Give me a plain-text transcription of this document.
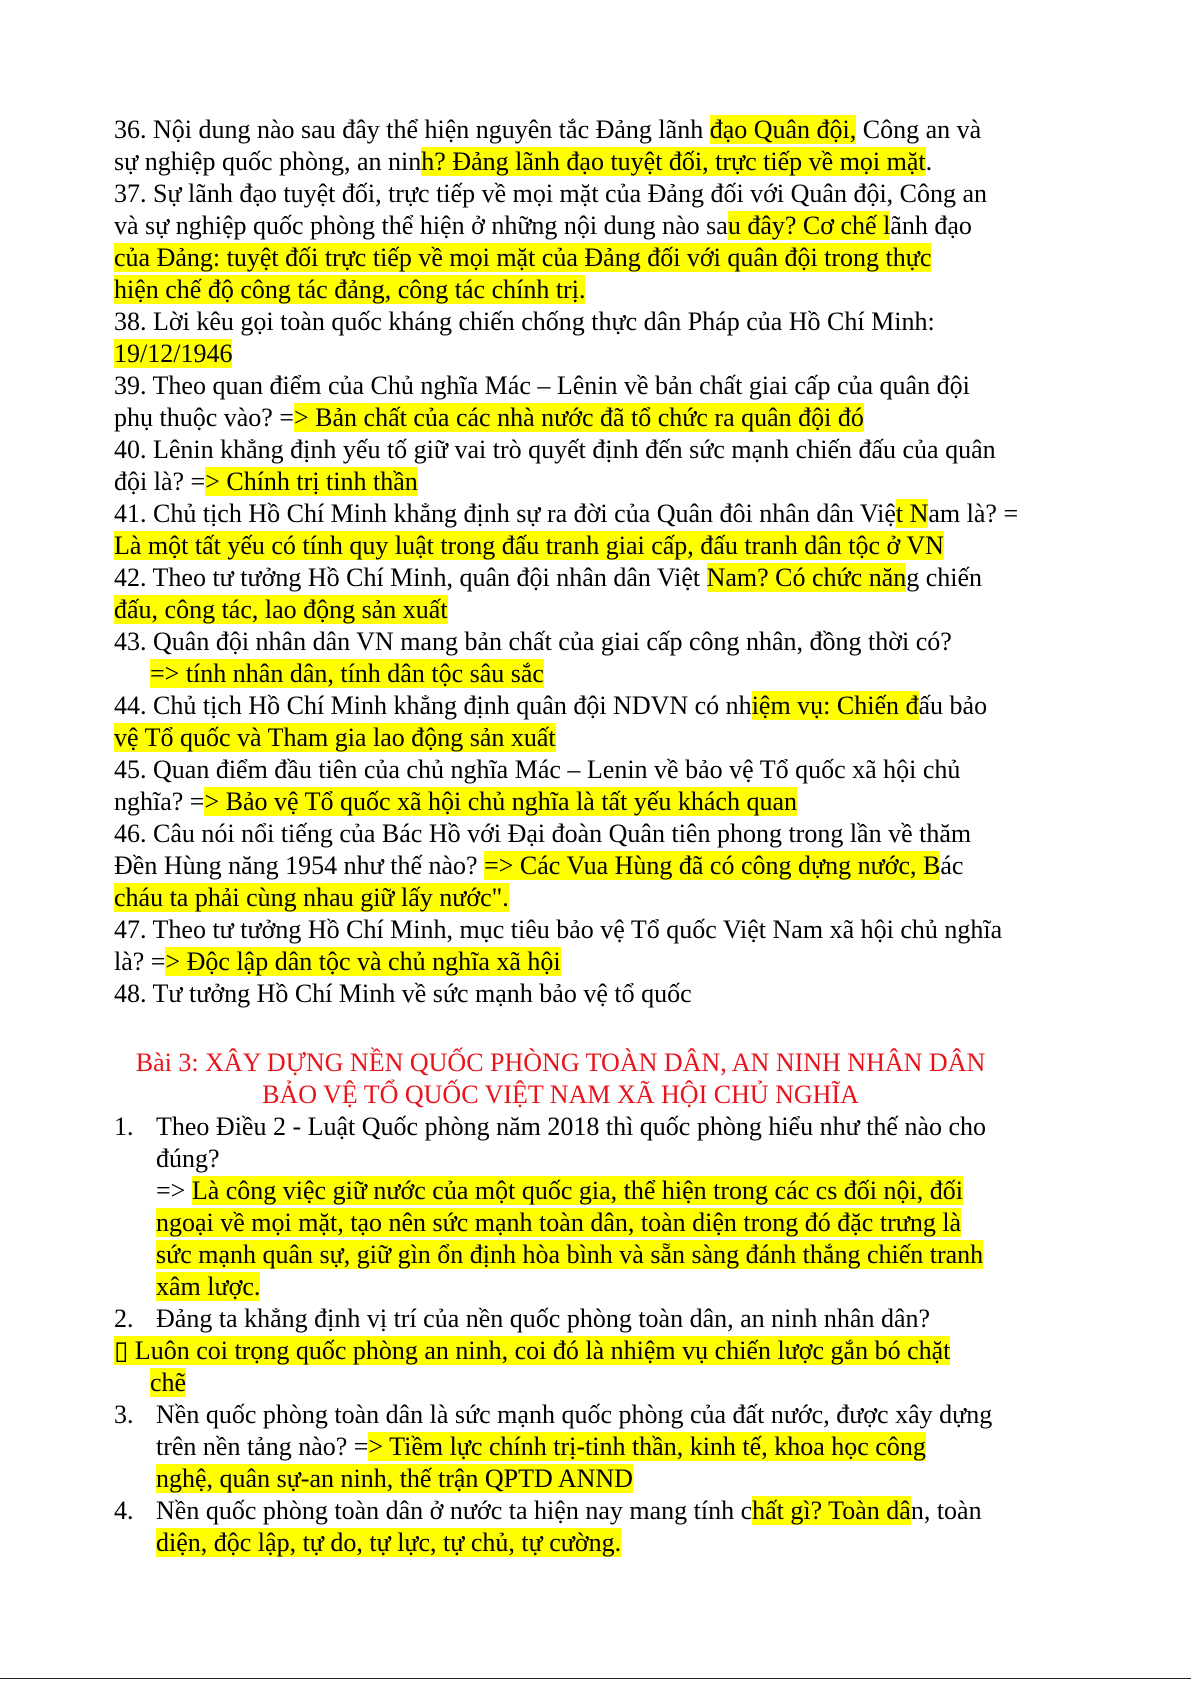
36. Nội dung nào sau đây thể hiện nguyên tắc Đảng lãnh đạo Quân đội, Công an và
sự nghiệp quốc phòng, an ninh? Đảng lãnh đạo tuyệt đối, trực tiếp về mọi mặt.
37. Sự lãnh đạo tuyệt đối, trực tiếp về mọi mặt của Đảng đối với Quân đội, Công an
và sự nghiệp quốc phòng thể hiện ở những nội dung nào sau đây? Cơ chế lãnh đạo
của Đảng: tuyệt đối trực tiếp về mọi mặt của Đảng đối với quân đội trong thực
hiện chế độ công tác đảng, công tác chính trị.
38. Lời kêu gọi toàn quốc kháng chiến chống thực dân Pháp của Hồ Chí Minh:
19/12/1946
39. Theo quan điểm của Chủ nghĩa Mác – Lênin về bản chất giai cấp của quân đội
phụ thuộc vào? => Bản chất của các nhà nước đã tổ chức ra quân đội đó
40. Lênin khẳng định yếu tố giữ vai trò quyết định đến sức mạnh chiến đấu của quân
đội là? => Chính trị tinh thần
41. Chủ tịch Hồ Chí Minh khẳng định sự ra đời của Quân đôi nhân dân Việt Nam là? =
Là một tất yếu có tính quy luật trong đấu tranh giai cấp, đấu tranh dân tộc ở VN
42. Theo tư tưởng Hồ Chí Minh, quân đội nhân dân Việt Nam? Có chức năng chiến
đấu, công tác, lao động sản xuất
43. Quân đội nhân dân VN mang bản chất của giai cấp công nhân, đồng thời có?
=> tính nhân dân, tính dân tộc sâu sắc
44. Chủ tịch Hồ Chí Minh khẳng định quân đội NDVN có nhiệm vụ: Chiến đấu bảo
vệ Tổ quốc và Tham gia lao động sản xuất
45. Quan điểm đầu tiên của chủ nghĩa Mác – Lenin về bảo vệ Tổ quốc xã hội chủ
nghĩa? => Bảo vệ Tổ quốc xã hội chủ nghĩa là tất yếu khách quan
46. Câu nói nổi tiếng của Bác Hồ với Đại đoàn Quân tiên phong trong lần về thăm
Đền Hùng năng 1954 như thế nào? => Các Vua Hùng đã có công dựng nước, Bác
cháu ta phải cùng nhau giữ lấy nước".
47. Theo tư tưởng Hồ Chí Minh, mục tiêu bảo vệ Tổ quốc Việt Nam xã hội chủ nghĩa
là? => Độc lập dân tộc và chủ nghĩa xã hội
48. Tư tưởng Hồ Chí Minh về sức mạnh bảo vệ tổ quốc
Bài 3: XÂY DỰNG NỀN QUỐC PHÒNG TOÀN DÂN, AN NINH NHÂN DÂN
BẢO VỆ TỔ QUỐC VIỆT NAM XÃ HỘI CHỦ NGHĨA
1. Theo Điều 2 - Luật Quốc phòng năm 2018 thì quốc phòng hiểu như thế nào cho
đúng?
=> Là công việc giữ nước của một quốc gia, thể hiện trong các cs đối nội, đối
ngoại về mọi mặt, tạo nên sức mạnh toàn dân, toàn diện trong đó đặc trưng là
sức mạnh quân sự, giữ gìn ổn định hòa bình và sẵn sàng đánh thắng chiến tranh
xâm lược.
2. Đảng ta khẳng định vị trí của nền quốc phòng toàn dân, an ninh nhân dân?
▯ Luôn coi trọng quốc phòng an ninh, coi đó là nhiệm vụ chiến lược gắn bó chặt
chẽ
3. Nền quốc phòng toàn dân là sức mạnh quốc phòng của đất nước, được xây dựng
trên nền tảng nào? => Tiềm lực chính trị-tinh thần, kinh tế, khoa học công
nghệ, quân sự-an ninh, thế trận QPTD ANND
4. Nền quốc phòng toàn dân ở nước ta hiện nay mang tính chất gì? Toàn dân, toàn
diện, độc lập, tự do, tự lực, tự chủ, tự cường.
